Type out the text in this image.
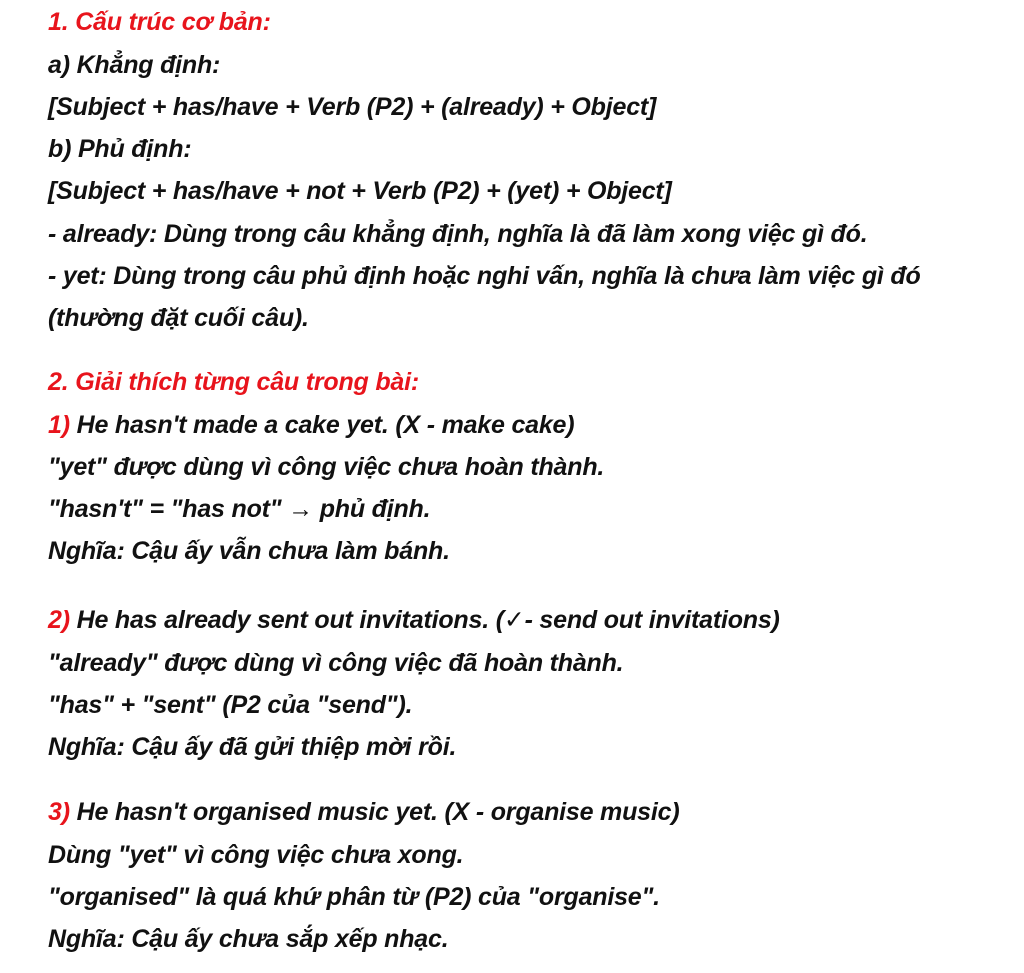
1. Cấu trúc cơ bản:
a) Khẳng định:
[Subject + has/have + Verb (P2) + (already) + Object]
b) Phủ định:
[Subject + has/have + not + Verb (P2) + (yet) + Object]
- already: Dùng trong câu khẳng định, nghĩa là đã làm xong việc gì đó.
- yet: Dùng trong câu phủ định hoặc nghi vấn, nghĩa là chưa làm việc gì đó
(thường đặt cuối câu).
2. Giải thích từng câu trong bài:
1) He hasn't made a cake yet. (X - make cake)
"yet" được dùng vì công việc chưa hoàn thành.
"hasn't" = "has not" → phủ định.
Nghĩa: Cậu ấy vẫn chưa làm bánh.
2) He has already sent out invitations. (✓- send out invitations)
"already" được dùng vì công việc đã hoàn thành.
"has" + "sent" (P2 của "send").
Nghĩa: Cậu ấy đã gửi thiệp mời rồi.
3) He hasn't organised music yet. (X - organise music)
Dùng "yet" vì công việc chưa xong.
"organised" là quá khứ phân từ (P2) của "organise".
Nghĩa: Cậu ấy chưa sắp xếp nhạc.
